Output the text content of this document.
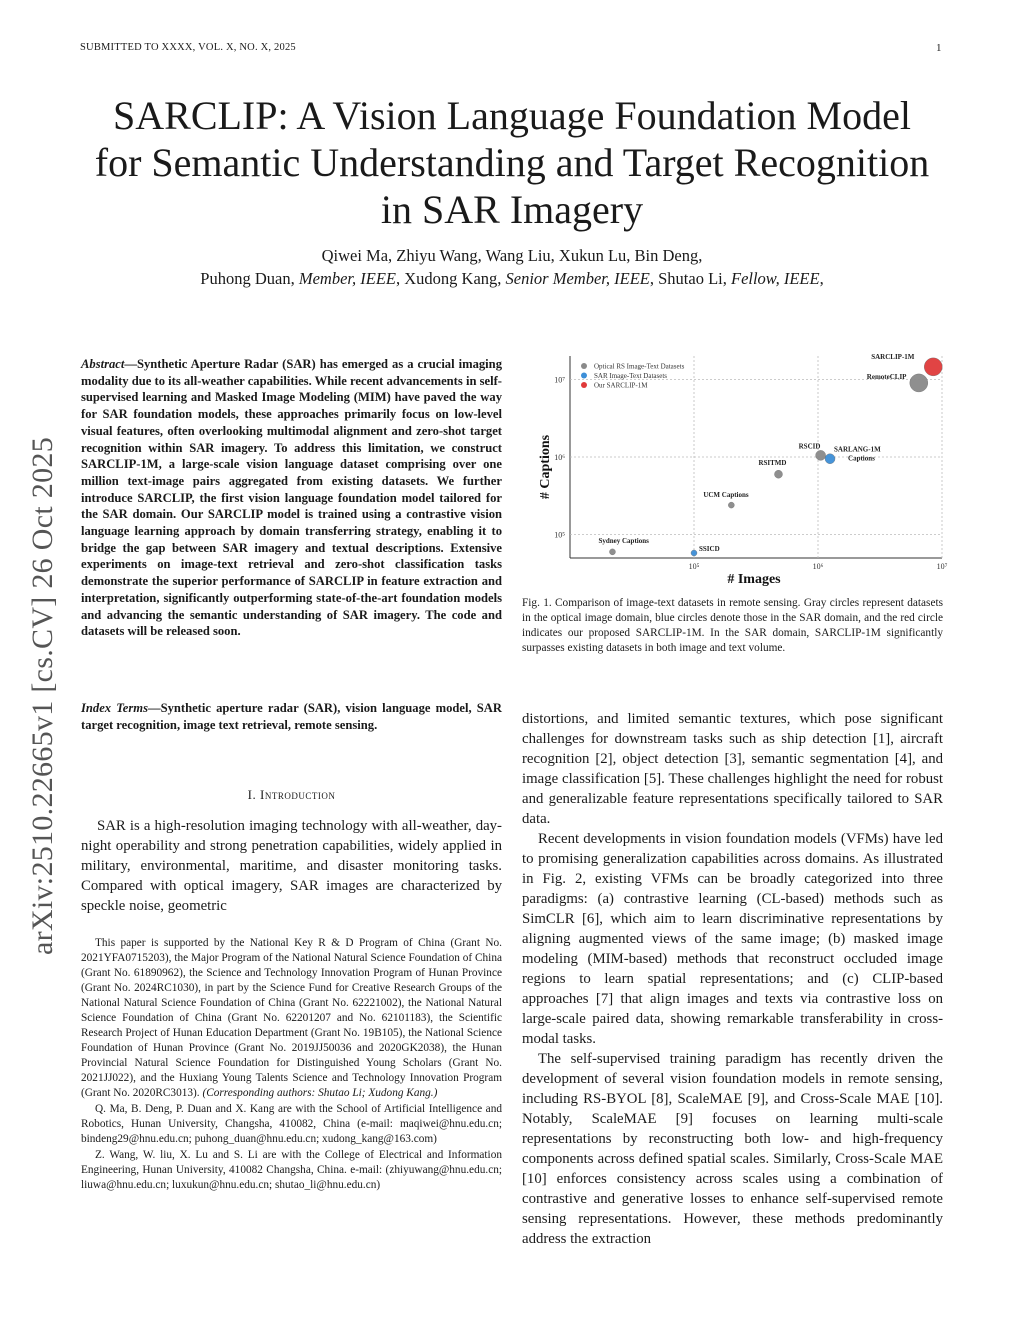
SUBMITTED TO XXXX, VOL. X, NO. X, 2025	1
arXiv:2510.22665v1 [cs.CV] 26 Oct 2025
SARCLIP: A Vision Language Foundation Model
for Semantic Understanding and Target Recognition
in SAR Imagery
Qiwei Ma, Zhiyu Wang, Wang Liu, Xukun Lu, Bin Deng,
Puhong Duan, Member, IEEE, Xudong Kang, Senior Member, IEEE, Shutao Li, Fellow, IEEE,
Abstract—Synthetic Aperture Radar (SAR) has emerged as a crucial imaging modality due to its all-weather capabilities. While recent advancements in self-supervised learning and Masked Image Modeling (MIM) have paved the way for SAR foundation models, these approaches primarily focus on low-level visual features, often overlooking multimodal alignment and zero-shot target recognition within SAR imagery. To address this limitation, we construct SARCLIP-1M, a large-scale vision language dataset comprising over one million text-image pairs aggregated from existing datasets. We further introduce SARCLIP, the first vision language foundation model tailored for the SAR domain. Our SARCLIP model is trained using a contrastive vision language learning approach by domain transferring strategy, enabling it to bridge the gap between SAR imagery and textual descriptions. Extensive experiments on image-text retrieval and zero-shot classification tasks demonstrate the superior performance of SARCLIP in feature extraction and interpretation, significantly outperforming state-of-the-art foundation models and advancing the semantic understanding of SAR imagery. The code and datasets will be released soon.
Index Terms—Synthetic aperture radar (SAR), vision language model, SAR target recognition, image text retrieval, remote sensing.
I. Introduction

SAR is a high-resolution imaging technology with all-weather, day-night operability and strong penetration capabilities, widely applied in military, environmental, maritime, and disaster monitoring tasks. Compared with optical imagery, SAR images are characterized by speckle noise, geometric

This paper is supported by the National Key R & D Program of China (Grant No. 2021YFA0715203), the Major Program of the National Natural Science Foundation of China (Grant No. 61890962), the Science and Technology Innovation Program of Hunan Province (Grant No. 2024RC1030), in part by the Science Fund for Creative Research Groups of the National Natural Science Foundation of China (Grant No. 62221002), the National Natural Science Foundation of China (Grant No. 62201207 and No. 62101183), the Scientific Research Project of Hunan Education Department (Grant No. 19B105), the National Science Foundation of Hunan Province (Grant No. 2019JJ50036 and 2020GK2038), the Hunan Provincial Natural Science Foundation for Distinguished Young Scholars (Grant No. 2021JJ022), and the Huxiang Young Talents Science and Technology Innovation Program (Grant No. 2020RC3013). (Corresponding authors: Shutao Li; Xudong Kang.)

Q. Ma, B. Deng, P. Duan and X. Kang are with the School of Artificial Intelligence and Robotics, Hunan University, Changsha, 410082, China (e-mail: maqiwei@hnu.edu.cn; bindeng29@hnu.edu.cn; puhong_duan@hnu.edu.cn; xudong_kang@163.com)

Z. Wang, W. liu, X. Lu and S. Li are with the College of Electrical and Information Engineering, Hunan University, 410082 Changsha, China. e-mail: (zhiyuwang@hnu.edu.cn; liuwa@hnu.edu.cn; luxukun@hnu.edu.cn; shutao_li@hnu.edu.cn)

10⁵	10⁶	10⁷
10⁶
10⁵
10⁷
# Images
# Captions
Optical RS Image-Text Datasets
SAR Image-Text Datasets
Our SARCLIP-1M
Sydney Captions
SSICD
UCM Captions
RSITMD
RSCID SARLANG-1M
Captions
RemoteCLIP
SARCLIP-1M
Fig. 1. Comparison of image-text datasets in remote sensing. Gray circles represent datasets in the optical image domain, blue circles denote those in the SAR domain, and the red circle indicates our proposed SARCLIP-1M. In the SAR domain, SARCLIP-1M significantly surpasses existing datasets in both image and text volume.

distortions, and limited semantic textures, which pose significant challenges for downstream tasks such as ship detection [1], aircraft recognition [2], object detection [3], semantic segmentation [4], and image classification [5]. These challenges highlight the need for robust and generalizable feature representations specifically tailored to SAR data.

Recent developments in vision foundation models (VFMs) have led to promising generalization capabilities across domains. As illustrated in Fig. 2, existing VFMs can be broadly categorized into three paradigms: (a) contrastive learning (CL-based) methods such as SimCLR [6], which aim to learn discriminative representations by aligning augmented views of the same image; (b) masked image modeling (MIM-based) methods that reconstruct occluded image regions to learn spatial representations; and (c) CLIP-based approaches [7] that align images and texts via contrastive loss on large-scale paired data, showing remarkable transferability in cross-modal tasks.

The self-supervised training paradigm has recently driven the development of several vision foundation models in remote sensing, including RS-BYOL [8], ScaleMAE [9], and Cross-Scale MAE [10]. Notably, ScaleMAE [9] focuses on learning multi-scale representations by reconstructing both low- and high-frequency components across defined spatial scales. Similarly, Cross-Scale MAE [10] enforces consistency across scales using a combination of contrastive and generative losses to enhance self-supervised remote sensing representations. However, these methods predominantly address the extraction
